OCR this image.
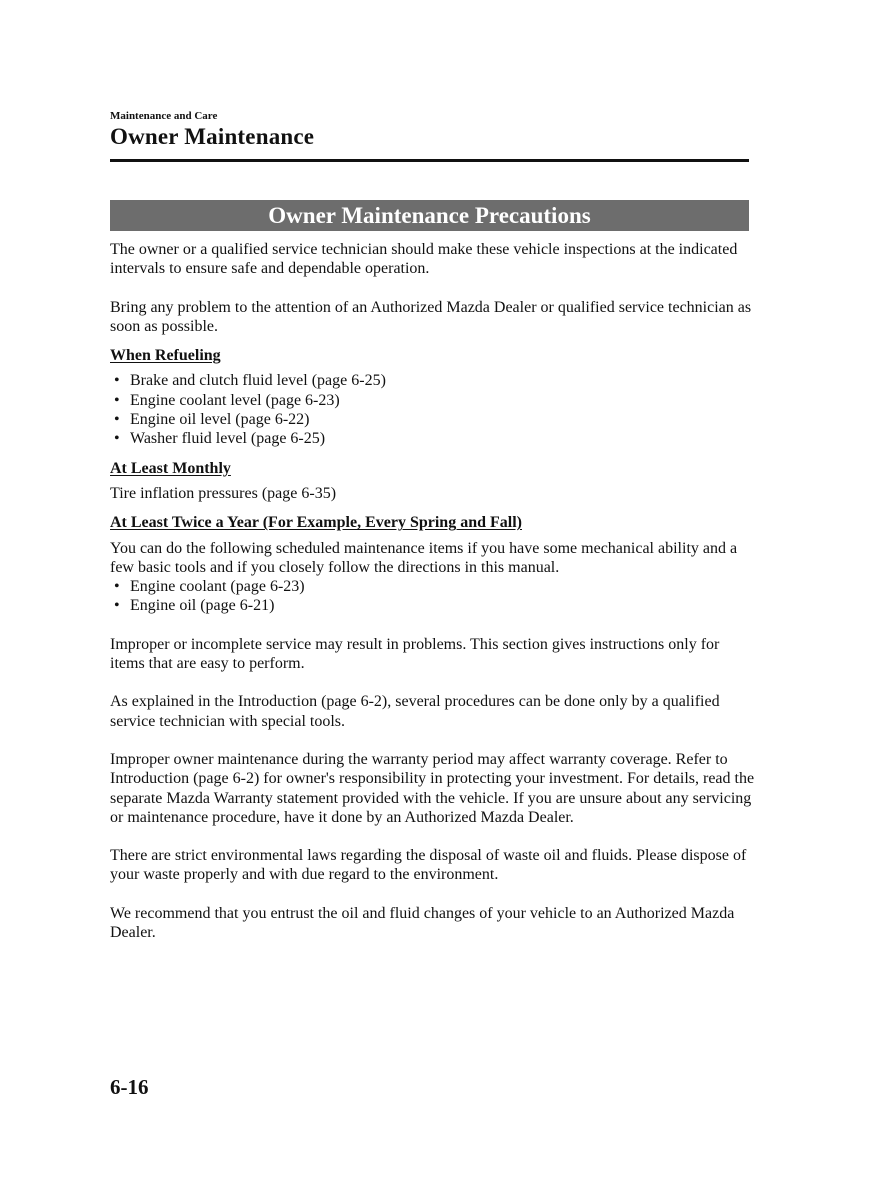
Maintenance and Care
Owner Maintenance
Owner Maintenance Precautions

The owner or a qualified service technician should make these vehicle inspections at the indicated intervals to ensure safe and dependable operation.

Bring any problem to the attention of an Authorized Mazda Dealer or qualified service technician as soon as possible.

When Refueling
• Brake and clutch fluid level (page 6-25)
• Engine coolant level (page 6-23)
• Engine oil level (page 6-22)
• Washer fluid level (page 6-25)
At Least Monthly

Tire inflation pressures (page 6-35)

At Least Twice a Year (For Example, Every Spring and Fall)

You can do the following scheduled maintenance items if you have some mechanical ability and a few basic tools and if you closely follow the directions in this manual.

• Engine coolant (page 6-23)
• Engine oil (page 6-21)

Improper or incomplete service may result in problems. This section gives instructions only for items that are easy to perform.

As explained in the Introduction (page 6-2), several procedures can be done only by a qualified service technician with special tools.

Improper owner maintenance during the warranty period may affect warranty coverage. Refer to Introduction (page 6-2) for owner's responsibility in protecting your investment. For details, read the separate Mazda Warranty statement provided with the vehicle. If you are unsure about any servicing or maintenance procedure, have it done by an Authorized Mazda Dealer.

There are strict environmental laws regarding the disposal of waste oil and fluids. Please dispose of your waste properly and with due regard to the environment.

We recommend that you entrust the oil and fluid changes of your vehicle to an Authorized Mazda Dealer.

6-16
